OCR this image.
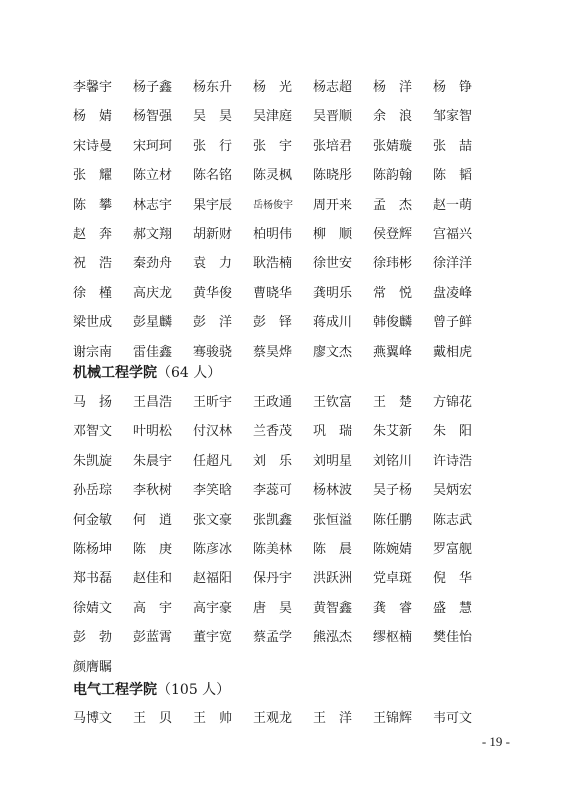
李馨宇	杨子鑫	杨东升	杨　光	杨志超	杨　洋	杨　铮
杨　婧	杨智强	吴　昊	吴津庭	吴晋顺	余　浪	邹家智
宋诗曼	宋珂珂	张　行	张　宇	张培君	张婧璇	张　喆
张　耀	陈立材	陈名铭	陈灵枫	陈晓彤	陈韵翰	陈　韬
陈　攀	林志宇	果宇辰	岳杨俊宇	周开来	孟　杰	赵一萌
赵　奔	郝文翔	胡新财	柏明伟	柳　顺	侯登辉	宫福兴
祝　浩	秦劲舟	袁　力	耿浩楠	徐世安	徐玮彬	徐洋洋
徐　槿	高庆龙	黄华俊	曹晓华	龚明乐	常　悦	盘凌峰
梁世成	彭星麟	彭　洋	彭　铎	蒋成川	韩俊麟	曾子鲜
谢宗南	雷佳鑫	骞骏骁	蔡昊烨	廖文杰	燕翼峰	戴相虎
机械工程学院（64 人）
马　扬	王昌浩	王昕宇	王政通	王钦富	王　楚	方锦花
邓智文	叶明松	付汉林	兰香茂	巩　瑞	朱艾新	朱　阳
朱凯旋	朱晨宇	任超凡	刘　乐	刘明星	刘铭川	许诗浩
孙岳琮	李秋树	李笑晗	李蕊可	杨林波	吴子杨	吴炳宏
何金敏	何　逍	张文豪	张凯鑫	张恒溢	陈任鹏	陈志武
陈杨坤	陈　庚	陈彦冰	陈美林	陈　晨	陈婉婧	罗富舰
郑书磊	赵佳和	赵福阳	保丹宇	洪跃洲	党卓斑	倪　华
徐婧文	高　宇	高宇豪	唐　昊	黄智鑫	龚　睿	盛　慧
彭　勃	彭蓝霄	董宇宽	蔡孟学	熊泓杰	缪枢楠	樊佳怡
颜膺瞩
电气工程学院（105 人）
马博文	王　贝	王　帅	王观龙	王　洋	王锦辉	韦可文
- 19 -
